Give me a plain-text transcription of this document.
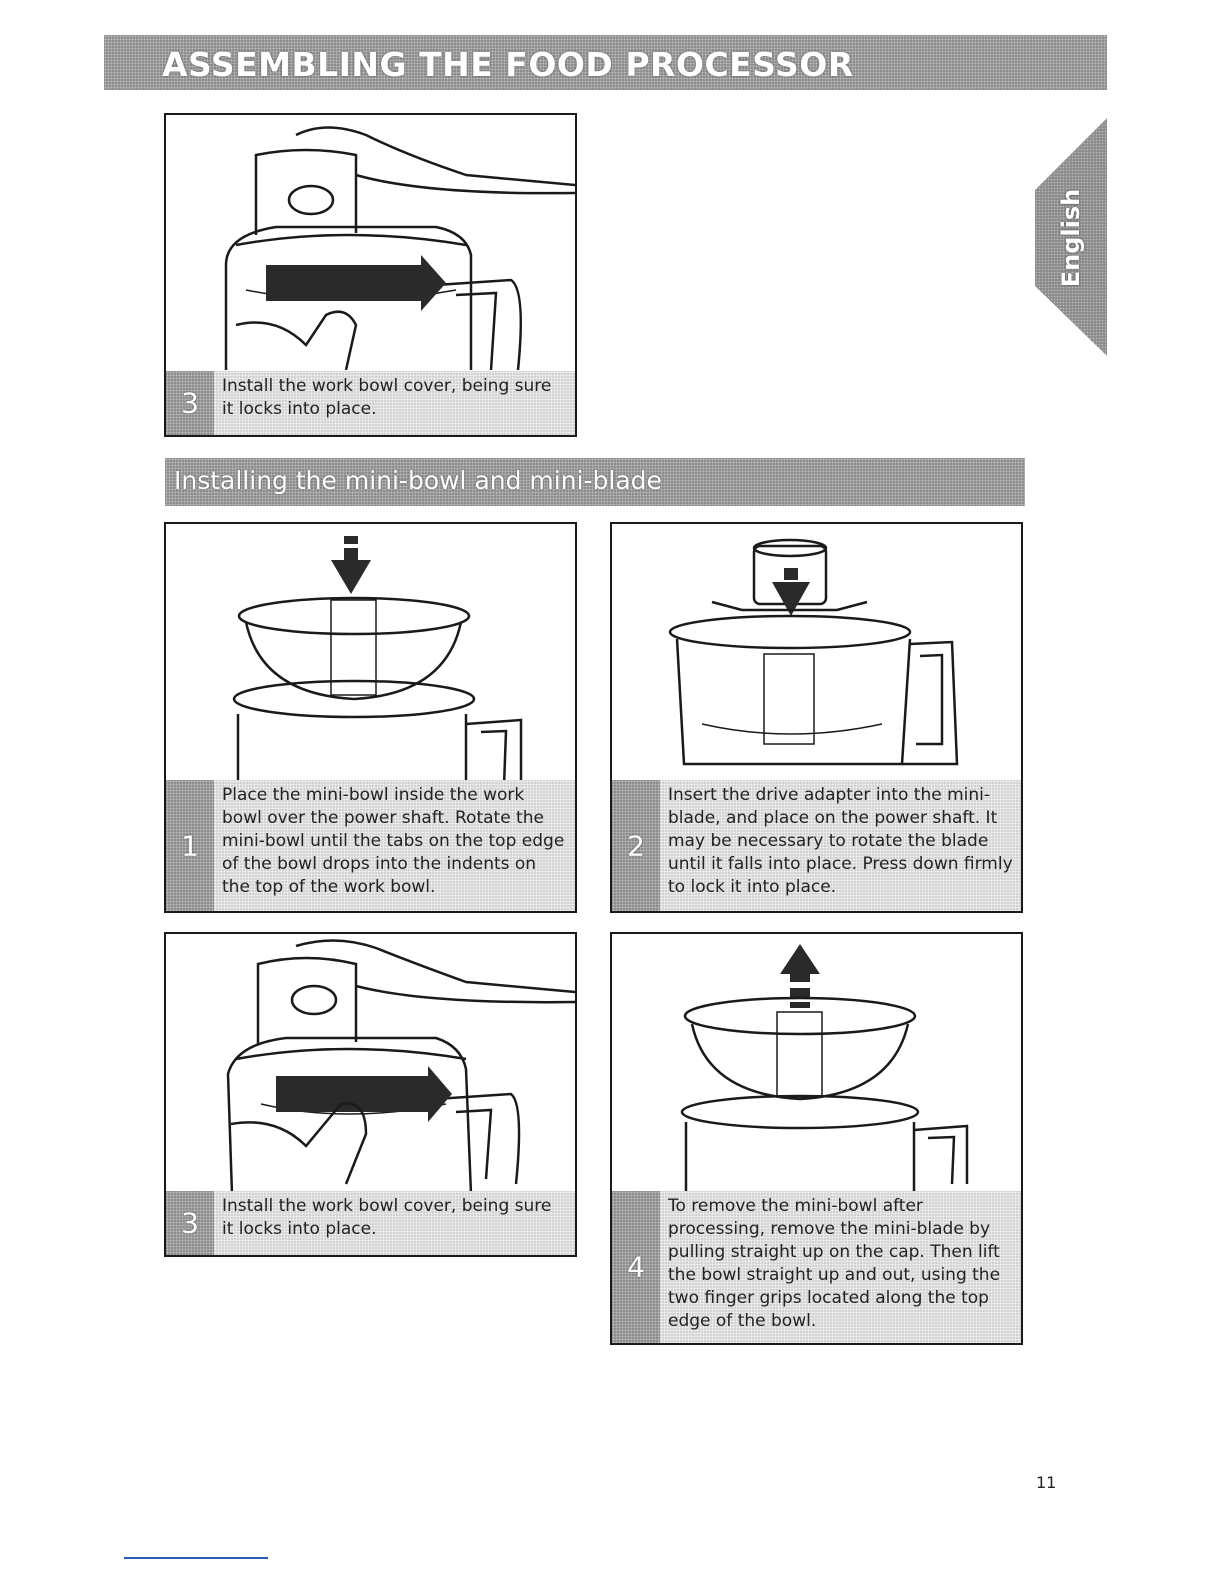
ASSEMBLING THE FOOD PROCESSOR
English
3

Install the work bowl cover, being sure it locks into place.

Installing the mini-bowl and mini-blade
1

Place the mini-bowl inside the work bowl over the power shaft. Rotate the mini-bowl until the tabs on the top edge of the bowl drops into the indents on the top of the work bowl.

2

Insert the drive adapter into the mini-blade, and place on the power shaft. It may be necessary to rotate the blade until it falls into place. Press down firmly to lock it into place.

3

Install the work bowl cover, being sure it locks into place.

4

To remove the mini-bowl after processing, remove the mini-blade by pulling straight up on the cap. Then lift the bowl straight up and out, using the two finger grips located along the top edge of the bowl.

11
